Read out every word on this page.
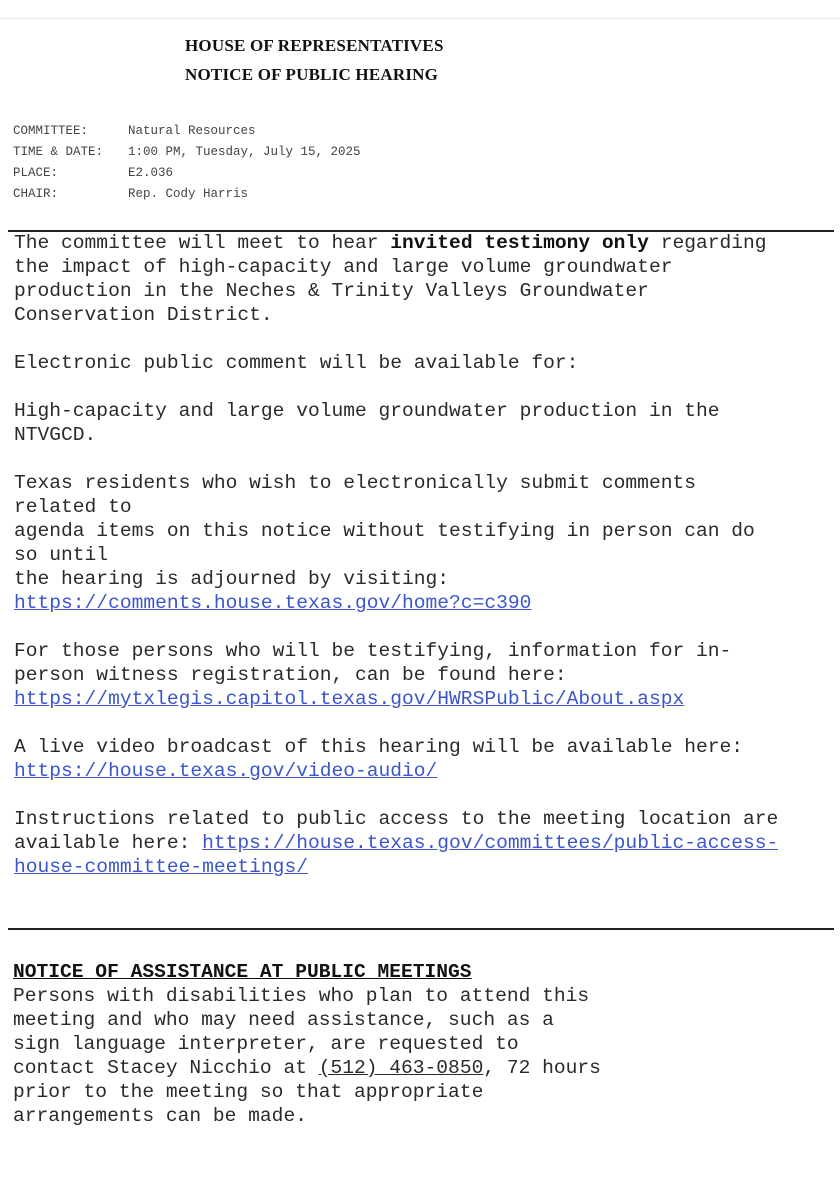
HOUSE OF REPRESENTATIVES
NOTICE OF PUBLIC HEARING
COMMITTEE:	Natural Resources
TIME & DATE:	1:00 PM, Tuesday, July 15, 2025
PLACE:	E2.036
CHAIR:	Rep. Cody Harris

The committee will meet to hear invited testimony only regarding

the impact of high-capacity and large volume groundwater

production in the Neches & Trinity Valleys Groundwater

Conservation District.

Electronic public comment will be available for:

High-capacity and large volume groundwater production in the

NTVGCD.

Texas residents who wish to electronically submit comments

related to

agenda items on this notice without testifying in person can do

so until

the hearing is adjourned by visiting:

https://comments.house.texas.gov/home?c=c390

For those persons who will be testifying, information for in-

person witness registration, can be found here:

https://mytxlegis.capitol.texas.gov/HWRSPublic/About.aspx

A live video broadcast of this hearing will be available here:

https://house.texas.gov/video-audio/

Instructions related to public access to the meeting location are

available here: https://house.texas.gov/committees/public-access-

house-committee-meetings/

NOTICE OF ASSISTANCE AT PUBLIC MEETINGS

Persons with disabilities who plan to attend this

meeting and who may need assistance, such as a

sign language interpreter, are requested to

contact Stacey Nicchio at (512) 463-0850, 72 hours

prior to the meeting so that appropriate

arrangements can be made.
